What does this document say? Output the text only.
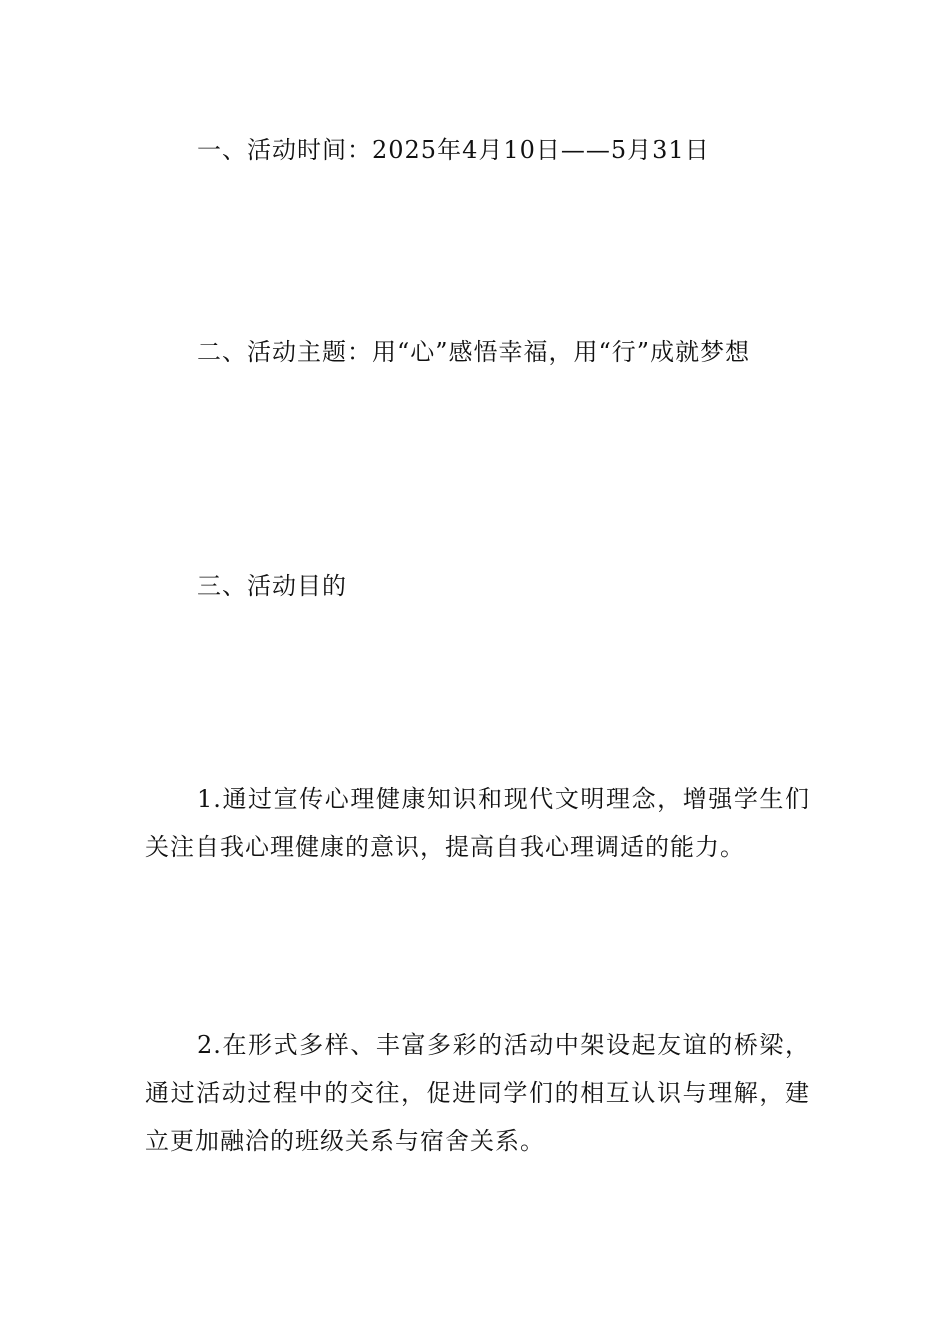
一、活动时间：2025年4月10日——5月31日

二、活动主题：用“心”感悟幸福，用“行”成就梦想

三、活动目的

1.通过宣传心理健康知识和现代文明理念，增强学生们关注自我心理健康的意识，提高自我心理调适的能力。

2.在形式多样、丰富多彩的活动中架设起友谊的桥梁，通过活动过程中的交往，促进同学们的相互认识与理解，建立更加融洽的班级关系与宿舍关系。
